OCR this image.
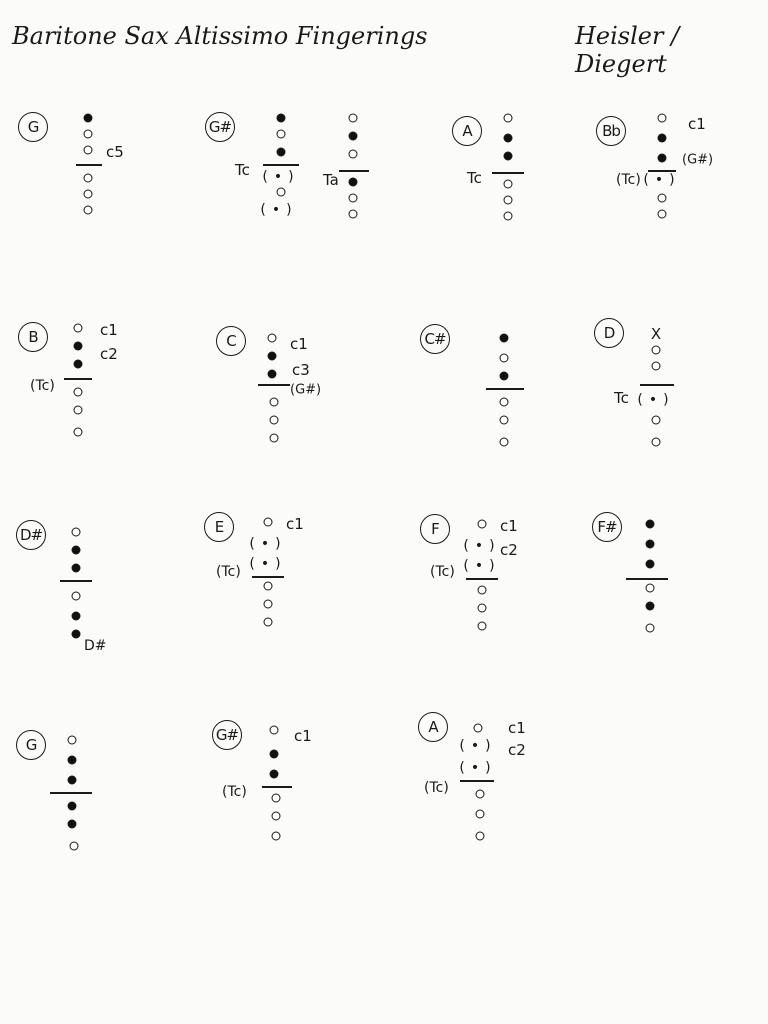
Baritone Sax Altissimo Fingerings	Heisler / Diegert
G
c5
G#
Tc (•)
(•)
Ta
A
Tc
Bb	c1
(G#)
(Tc) (•)
B	c1
c2
(Tc)
C	c1
c3
(G#)
C#	D	X
Tc (•)
D#
D#
E	c1
(•)
(•)
(Tc)
F	c1
(•) c2
(•)
(Tc)
F#
G
G#	c1
(Tc)
A	c1
(•) c2
(•)
(Tc)
